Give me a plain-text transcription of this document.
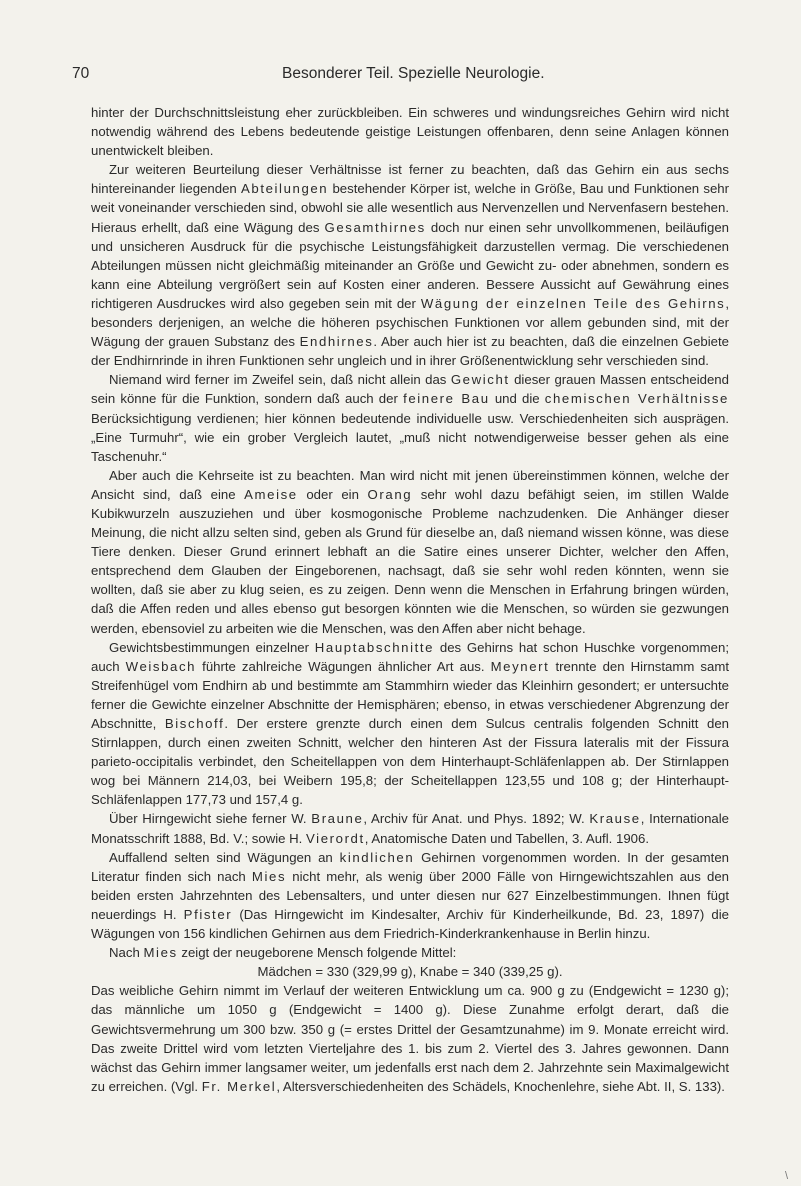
70	Besonderer Teil. Spezielle Neurologie.

hinter der Durchschnittsleistung eher zurückbleiben. Ein schweres und windungsreiches Gehirn wird nicht notwendig während des Lebens bedeutende geistige Leistungen offenbaren, denn seine Anlagen können unentwickelt bleiben.

Zur weiteren Beurteilung dieser Verhältnisse ist ferner zu beachten, daß das Gehirn ein aus sechs hintereinander liegenden Abteilungen bestehender Körper ist, welche in Größe, Bau und Funktionen sehr weit voneinander verschieden sind, obwohl sie alle wesentlich aus Nervenzellen und Nervenfasern bestehen. Hieraus erhellt, daß eine Wägung des Gesamthirnes doch nur einen sehr unvollkommenen, beiläufigen und unsicheren Ausdruck für die psychische Leistungsfähigkeit darzustellen vermag. Die verschiedenen Abteilungen müssen nicht gleichmäßig miteinander an Größe und Gewicht zu- oder abnehmen, sondern es kann eine Abteilung vergrößert sein auf Kosten einer anderen. Bessere Aussicht auf Gewährung eines richtigeren Ausdruckes wird also gegeben sein mit der Wägung der einzelnen Teile des Gehirns, besonders derjenigen, an welche die höheren psychischen Funktionen vor allem gebunden sind, mit der Wägung der grauen Substanz des Endhirnes. Aber auch hier ist zu beachten, daß die einzelnen Gebiete der Endhirnrinde in ihren Funktionen sehr ungleich und in ihrer Größenentwicklung sehr verschieden sind.

Niemand wird ferner im Zweifel sein, daß nicht allein das Gewicht dieser grauen Massen entscheidend sein könne für die Funktion, sondern daß auch der feinere Bau und die chemischen Verhältnisse Berücksichtigung verdienen; hier können bedeutende individuelle usw. Verschiedenheiten sich ausprägen. „Eine Turmuhr“, wie ein grober Vergleich lautet, „muß nicht notwendigerweise besser gehen als eine Taschenuhr.“

Aber auch die Kehrseite ist zu beachten. Man wird nicht mit jenen übereinstimmen können, welche der Ansicht sind, daß eine Ameise oder ein Orang sehr wohl dazu befähigt seien, im stillen Walde Kubikwurzeln auszuziehen und über kosmogonische Probleme nachzudenken. Die Anhänger dieser Meinung, die nicht allzu selten sind, geben als Grund für dieselbe an, daß niemand wissen könne, was diese Tiere denken. Dieser Grund erinnert lebhaft an die Satire eines unserer Dichter, welcher den Affen, entsprechend dem Glauben der Eingeborenen, nachsagt, daß sie sehr wohl reden könnten, wenn sie wollten, daß sie aber zu klug seien, es zu zeigen. Denn wenn die Menschen in Erfahrung bringen würden, daß die Affen reden und alles ebenso gut besorgen könnten wie die Menschen, so würden sie gezwungen werden, ebensoviel zu arbeiten wie die Menschen, was den Affen aber nicht behage.

Gewichtsbestimmungen einzelner Hauptabschnitte des Gehirns hat schon Huschke vorgenommen; auch Weisbach führte zahlreiche Wägungen ähnlicher Art aus. Meynert trennte den Hirnstamm samt Streifenhügel vom Endhirn ab und bestimmte am Stammhirn wieder das Kleinhirn gesondert; er untersuchte ferner die Gewichte einzelner Abschnitte der Hemisphären; ebenso, in etwas verschiedener Abgrenzung der Abschnitte, Bischoff. Der erstere grenzte durch einen dem Sulcus centralis folgenden Schnitt den Stirnlappen, durch einen zweiten Schnitt, welcher den hinteren Ast der Fissura lateralis mit der Fissura parieto-occipitalis verbindet, den Scheitellappen von dem Hinterhaupt-Schläfenlappen ab. Der Stirnlappen wog bei Männern 214,03, bei Weibern 195,8; der Scheitellappen 123,55 und 108 g; der Hinterhaupt-Schläfenlappen 177,73 und 157,4 g.

Über Hirngewicht siehe ferner W. Braune, Archiv für Anat. und Phys. 1892; W. Krause, Internationale Monatsschrift 1888, Bd. V.; sowie H. Vierordt, Anatomische Daten und Tabellen, 3. Aufl. 1906.

Auffallend selten sind Wägungen an kindlichen Gehirnen vorgenommen worden. In der gesamten Literatur finden sich nach Mies nicht mehr, als wenig über 2000 Fälle von Hirngewichtszahlen aus den beiden ersten Jahrzehnten des Lebensalters, und unter diesen nur 627 Einzelbestimmungen. Ihnen fügt neuerdings H. Pfister (Das Hirngewicht im Kindesalter, Archiv für Kinderheilkunde, Bd. 23, 1897) die Wägungen von 156 kindlichen Gehirnen aus dem Friedrich-Kinderkrankenhause in Berlin hinzu.

Nach Mies zeigt der neugeborene Mensch folgende Mittel:

Mädchen = 330 (329,99 g), Knabe = 340 (339,25 g).

Das weibliche Gehirn nimmt im Verlauf der weiteren Entwicklung um ca. 900 g zu (Endgewicht = 1230 g); das männliche um 1050 g (Endgewicht = 1400 g). Diese Zunahme erfolgt derart, daß die Gewichtsvermehrung um 300 bzw. 350 g (= erstes Drittel der Gesamtzunahme) im 9. Monate erreicht wird. Das zweite Drittel wird vom letzten Vierteljahre des 1. bis zum 2. Viertel des 3. Jahres gewonnen. Dann wächst das Gehirn immer langsamer weiter, um jedenfalls erst nach dem 2. Jahrzehnte sein Maximalgewicht zu erreichen. (Vgl. Fr. Merkel, Altersverschiedenheiten des Schädels, Knochenlehre, siehe Abt. II, S. 133).

\
